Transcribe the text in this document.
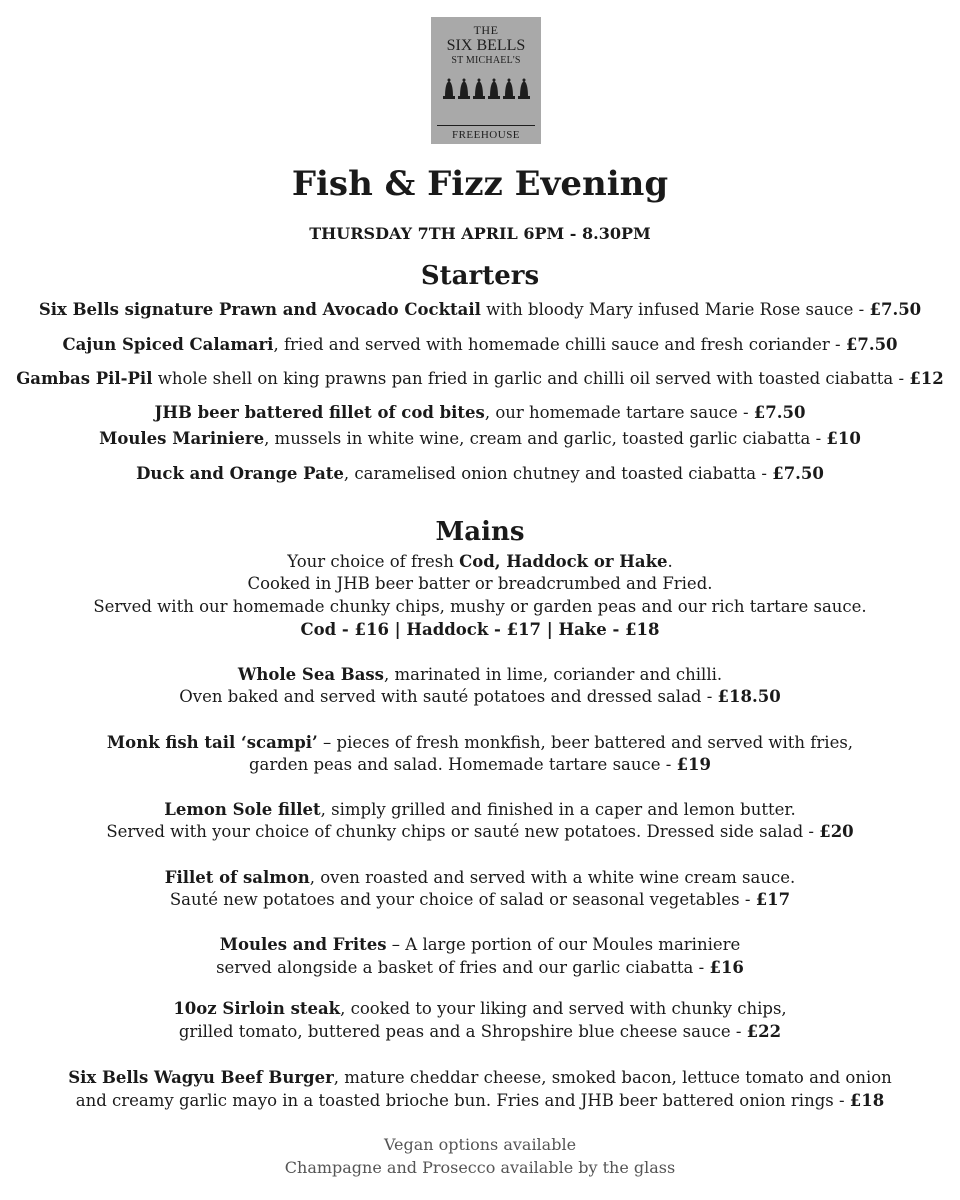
THE
SIX BELLS
ST MICHAEL'S
FREEHOUSE
Fish & Fizz Evening
THURSDAY 7TH APRIL 6PM - 8.30PM
Starters
Six Bells signature Prawn and Avocado Cocktail with bloody Mary infused Marie Rose sauce - £7.50
Cajun Spiced Calamari, fried and served with homemade chilli sauce and fresh coriander - £7.50
Gambas Pil-Pil whole shell on king prawns pan fried in garlic and chilli oil served with toasted ciabatta - £12
JHB beer battered fillet of cod bites, our homemade tartare sauce - £7.50
Moules Mariniere, mussels in white wine, cream and garlic, toasted garlic ciabatta - £10
Duck and Orange Pate, caramelised onion chutney and toasted ciabatta - £7.50
Mains
Your choice of fresh Cod, Haddock or Hake.
Cooked in JHB beer batter or breadcrumbed and Fried.
Served with our homemade chunky chips, mushy or garden peas and our rich tartare sauce.
Cod - £16 | Haddock - £17 | Hake - £18
Whole Sea Bass, marinated in lime, coriander and chilli.
Oven baked and served with sauté potatoes and dressed salad - £18.50
Monk fish tail ‘scampi’ – pieces of fresh monkfish, beer battered and served with fries,
garden peas and salad. Homemade tartare sauce - £19
Lemon Sole fillet, simply grilled and finished in a caper and lemon butter.
Served with your choice of chunky chips or sauté new potatoes. Dressed side salad - £20
Fillet of salmon, oven roasted and served with a white wine cream sauce.
Sauté new potatoes and your choice of salad or seasonal vegetables - £17
Moules and Frites – A large portion of our Moules mariniere
served alongside a basket of fries and our garlic ciabatta - £16
10oz Sirloin steak, cooked to your liking and served with chunky chips,
grilled tomato, buttered peas and a Shropshire blue cheese sauce - £22
Six Bells Wagyu Beef Burger, mature cheddar cheese, smoked bacon, lettuce tomato and onion
and creamy garlic mayo in a toasted brioche bun. Fries and JHB beer battered onion rings - £18
Vegan options available
Champagne and Prosecco available by the glass
